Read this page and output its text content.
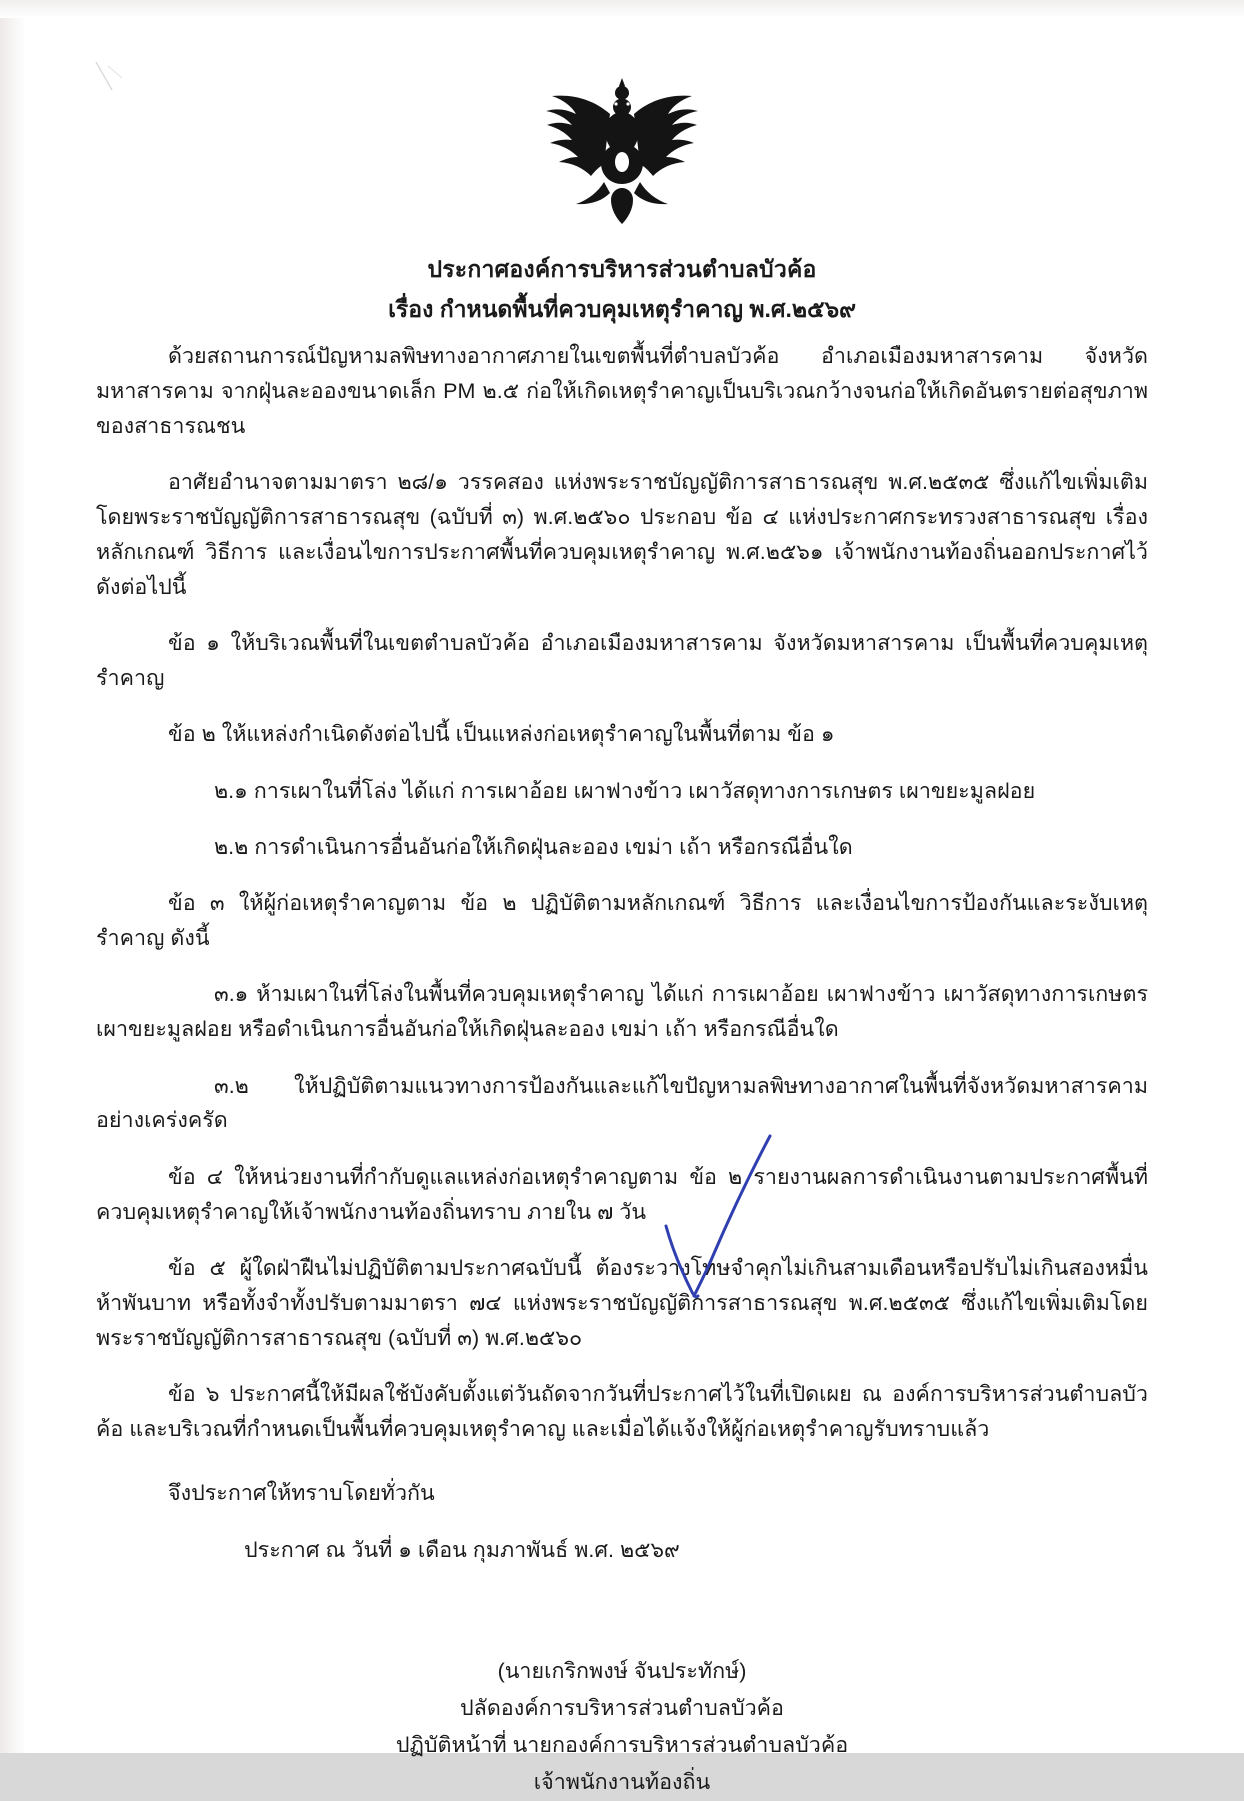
ประกาศองค์การบริหารส่วนตำบลบัวค้อ
เรื่อง กำหนดพื้นที่ควบคุมเหตุรำคาญ พ.ศ.๒๕๖๙

ด้วยสถานการณ์ปัญหามลพิษทางอากาศภายในเขตพื้นที่ตำบลบัวค้อ อำเภอเมืองมหาสารคาม จังหวัดมหาสารคาม จากฝุ่นละอองขนาดเล็ก PM ๒.๕ ก่อให้เกิดเหตุรำคาญเป็นบริเวณกว้างจนก่อให้เกิดอันตรายต่อสุขภาพของสาธารณชน

อาศัยอำนาจตามมาตรา ๒๘/๑ วรรคสอง แห่งพระราชบัญญัติการสาธารณสุข พ.ศ.๒๕๓๕ ซึ่งแก้ไขเพิ่มเติมโดยพระราชบัญญัติการสาธารณสุข (ฉบับที่ ๓) พ.ศ.๒๕๖๐ ประกอบ ข้อ ๔ แห่งประกาศกระทรวงสาธารณสุข เรื่อง หลักเกณฑ์ วิธีการ และเงื่อนไขการประกาศพื้นที่ควบคุมเหตุรำคาญ พ.ศ.๒๕๖๑ เจ้าพนักงานท้องถิ่นออกประกาศไว้ ดังต่อไปนี้

ข้อ ๑ ให้บริเวณพื้นที่ในเขตตำบลบัวค้อ อำเภอเมืองมหาสารคาม จังหวัดมหาสารคาม เป็นพื้นที่ควบคุมเหตุรำคาญ

ข้อ ๒ ให้แหล่งกำเนิดดังต่อไปนี้ เป็นแหล่งก่อเหตุรำคาญในพื้นที่ตาม ข้อ ๑

๒.๑ การเผาในที่โล่ง ได้แก่ การเผาอ้อย เผาฟางข้าว เผาวัสดุทางการเกษตร เผาขยะมูลฝอย

๒.๒ การดำเนินการอื่นอันก่อให้เกิดฝุ่นละออง เขม่า เถ้า หรือกรณีอื่นใด

ข้อ ๓ ให้ผู้ก่อเหตุรำคาญตาม ข้อ ๒ ปฏิบัติตามหลักเกณฑ์ วิธีการ และเงื่อนไขการป้องกันและระงับเหตุรำคาญ ดังนี้

๓.๑ ห้ามเผาในที่โล่งในพื้นที่ควบคุมเหตุรำคาญ ได้แก่ การเผาอ้อย เผาฟางข้าว เผาวัสดุทางการเกษตร เผาขยะมูลฝอย หรือดำเนินการอื่นอันก่อให้เกิดฝุ่นละออง เขม่า เถ้า หรือกรณีอื่นใด

๓.๒ ให้ปฏิบัติตามแนวทางการป้องกันและแก้ไขปัญหามลพิษทางอากาศในพื้นที่จังหวัดมหาสารคาม อย่างเคร่งครัด

ข้อ ๔ ให้หน่วยงานที่กำกับดูแลแหล่งก่อเหตุรำคาญตาม ข้อ ๒ รายงานผลการดำเนินงานตามประกาศพื้นที่ควบคุมเหตุรำคาญให้เจ้าพนักงานท้องถิ่นทราบ ภายใน ๗ วัน

ข้อ ๕ ผู้ใดฝ่าฝืนไม่ปฏิบัติตามประกาศฉบับนี้ ต้องระวางโทษจำคุกไม่เกินสามเดือนหรือปรับไม่เกินสองหมื่นห้าพันบาท หรือทั้งจำทั้งปรับตามมาตรา ๗๔ แห่งพระราชบัญญัติการสาธารณสุข พ.ศ.๒๕๓๕ ซึ่งแก้ไขเพิ่มเติมโดยพระราชบัญญัติการสาธารณสุข (ฉบับที่ ๓) พ.ศ.๒๕๖๐

ข้อ ๖ ประกาศนี้ให้มีผลใช้บังคับตั้งแต่วันถัดจากวันที่ประกาศไว้ในที่เปิดเผย ณ องค์การบริหารส่วนตำบลบัวค้อ และบริเวณที่กำหนดเป็นพื้นที่ควบคุมเหตุรำคาญ และเมื่อได้แจ้งให้ผู้ก่อเหตุรำคาญรับทราบแล้ว

จึงประกาศให้ทราบโดยทั่วกัน

ประกาศ ณ วันที่ ๑ เดือน กุมภาพันธ์ พ.ศ. ๒๕๖๙

(นายเกริกพงษ์ จันประทักษ์)
ปลัดองค์การบริหารส่วนตำบลบัวค้อ
ปฏิบัติหน้าที่ นายกองค์การบริหารส่วนตำบลบัวค้อ
เจ้าพนักงานท้องถิ่น
